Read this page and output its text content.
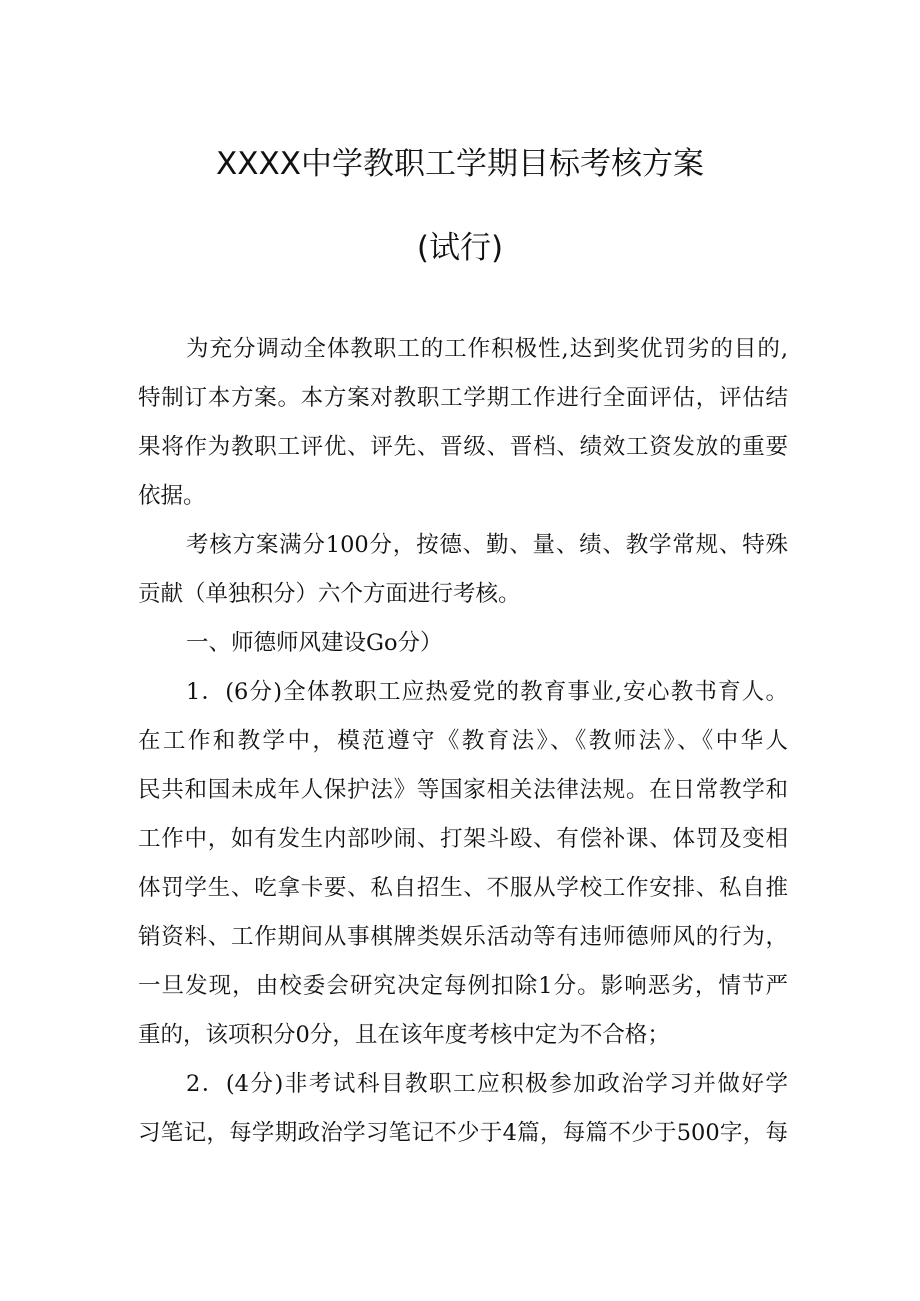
XXXX中学教职工学期目标考核方案
(试行)

为充分调动全体教职工的工作积极性,达到奖优罚劣的目的,

特制订本方案。本方案对教职工学期工作进行全面评估，评估结

果将作为教职工评优、评先、晋级、晋档、绩效工资发放的重要

依据。

考核方案满分100分，按德、勤、量、绩、教学常规、特殊

贡献（单独积分）六个方面进行考核。

一、师德师风建设Go分）

1．(6分)全体教职工应热爱党的教育事业,安心教书育人。

在工作和教学中，模范遵守《教育法》、《教师法》、《中华人

民共和国未成年人保护法》等国家相关法律法规。在日常教学和

工作中，如有发生内部吵闹、打架斗殴、有偿补课、体罚及变相

体罚学生、吃拿卡要、私自招生、不服从学校工作安排、私自推

销资料、工作期间从事棋牌类娱乐活动等有违师德师风的行为，

一旦发现，由校委会研究决定每例扣除1分。影响恶劣，情节严

重的，该项积分0分，且在该年度考核中定为不合格；

2．(4分)非考试科目教职工应积极参加政治学习并做好学

习笔记，每学期政治学习笔记不少于4篇，每篇不少于500字，每
